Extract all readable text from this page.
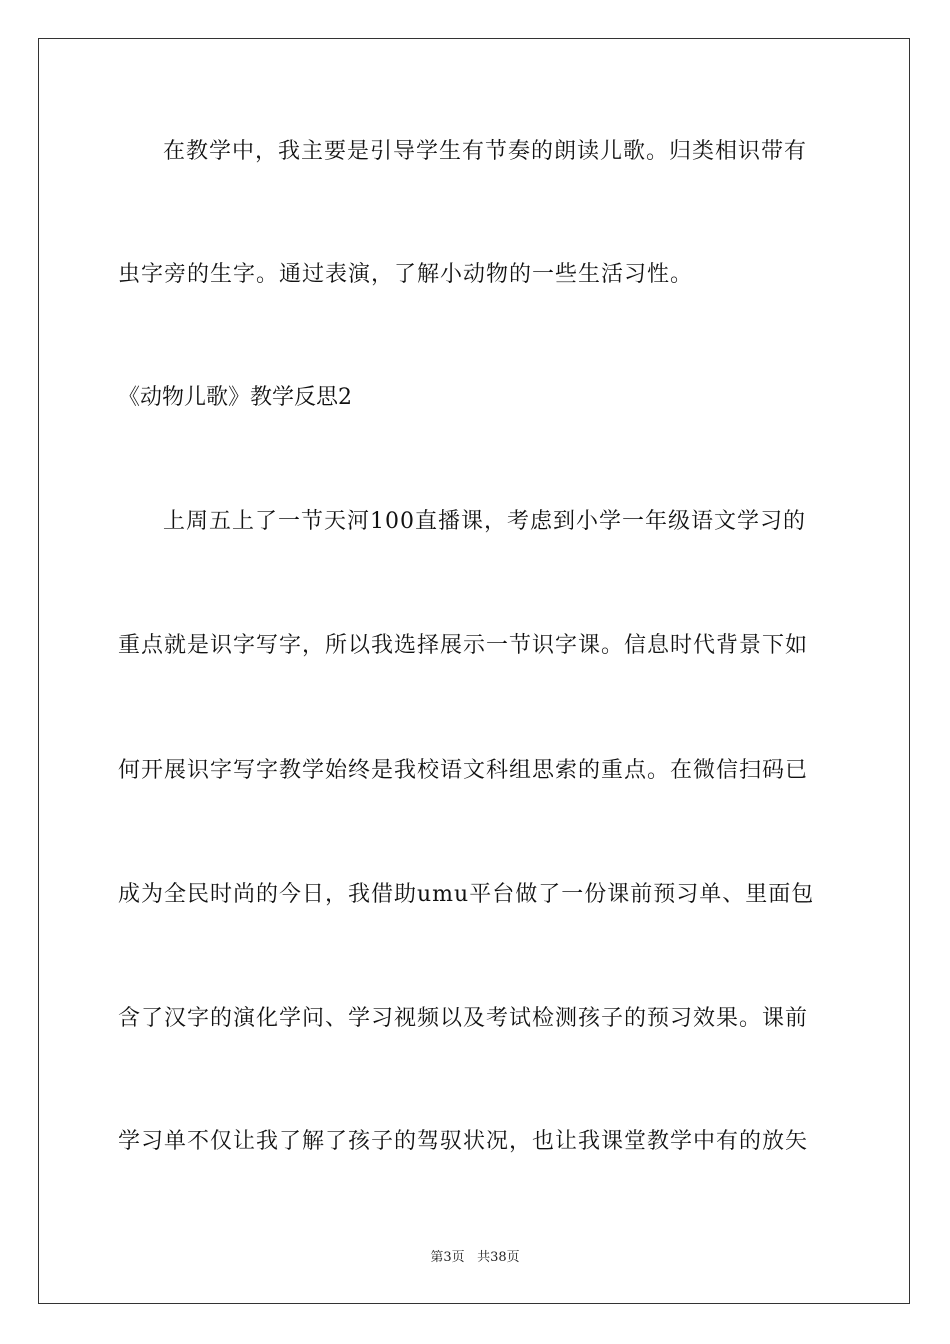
在教学中，我主要是引导学生有节奏的朗读儿歌。归类相识带有
虫字旁的生字。通过表演，了解小动物的一些生活习性。
《动物儿歌》教学反思2
上周五上了一节天河100直播课，考虑到小学一年级语文学习的
重点就是识字写字，所以我选择展示一节识字课。信息时代背景下如
何开展识字写字教学始终是我校语文科组思索的重点。在微信扫码已
成为全民时尚的今日，我借助umu平台做了一份课前预习单、里面包
含了汉字的演化学问、学习视频以及考试检测孩子的预习效果。课前
学习单不仅让我了解了孩子的驾驭状况，也让我课堂教学中有的放矢
第3页 共38页
